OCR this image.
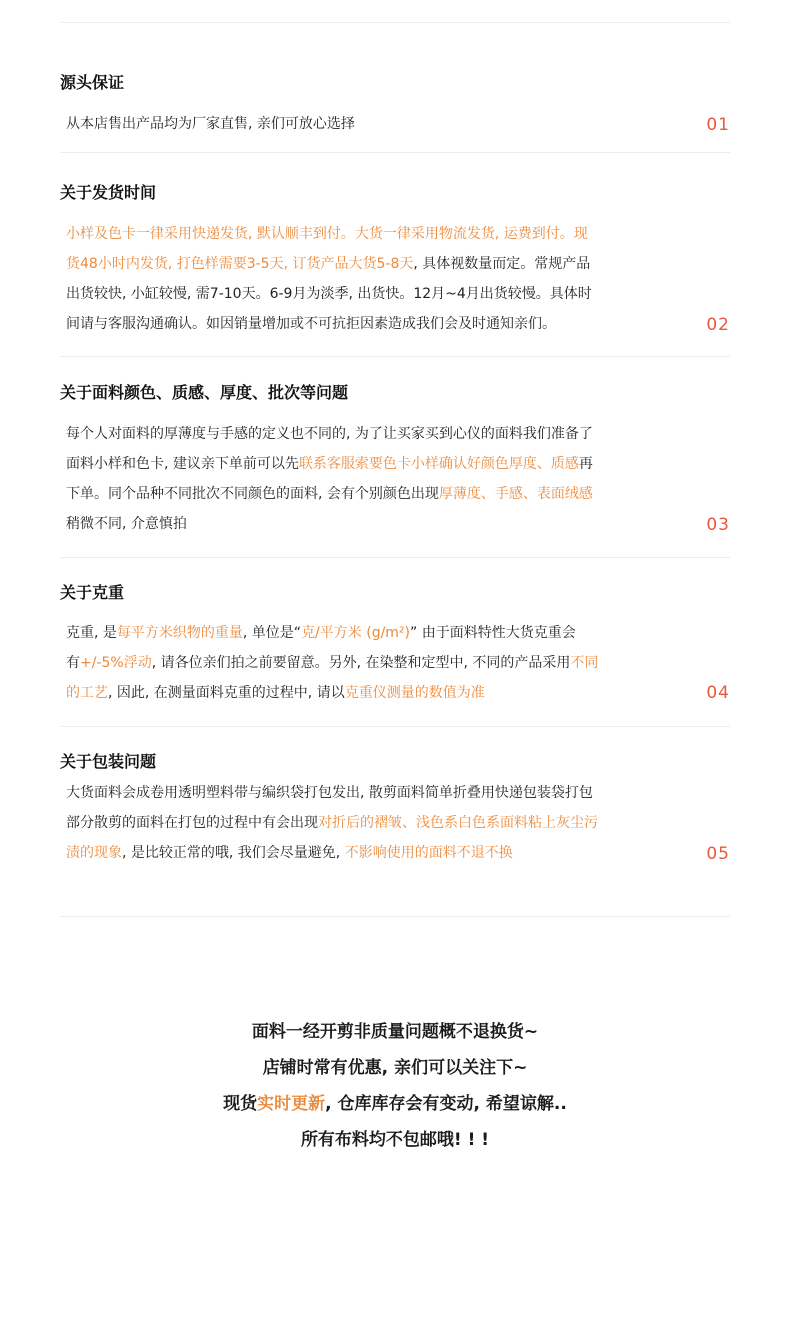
源头保证
从本店售出产品均为厂家直售, 亲们可放心选择	01
关于发货时间
小样及色卡一律采用快递发货, 默认顺丰到付。大货一律采用物流发货, 运费到付。现
货48小时内发货, 打色样需要3-5天, 订货产品大货5-8天, 具体视数量而定。常规产品
出货较快, 小缸较慢, 需7-10天。6-9月为淡季, 出货快。12月~4月出货较慢。具体时
间请与客服沟通确认。如因销量增加或不可抗拒因素造成我们会及时通知亲们。	02
关于面料颜色、质感、厚度、批次等问题
每个人对面料的厚薄度与手感的定义也不同的, 为了让买家买到心仪的面料我们准备了
面料小样和色卡, 建议亲下单前可以先联系客服索要色卡小样确认好颜色厚度、质感再
下单。同个品种不同批次不同颜色的面料, 会有个别颜色出现厚薄度、手感、表面绒感
稍微不同, 介意慎拍	03
关于克重
克重, 是每平方米织物的重量, 单位是“克/平方米 (g/m²)” 由于面料特性大货克重会
有+/-5%浮动, 请各位亲们拍之前要留意。另外, 在染整和定型中, 不同的产品采用不同
的工艺, 因此, 在测量面料克重的过程中, 请以克重仪测量的数值为准	04
关于包装问题
大货面料会成卷用透明塑料带与编织袋打包发出, 散剪面料简单折叠用快递包装袋打包
部分散剪的面料在打包的过程中有会出现对折后的褶皱、浅色系白色系面料粘上灰尘污
渍的现象, 是比较正常的哦, 我们会尽量避免, 不影响使用的面料不退不换	05
面料一经开剪非质量问题概不退换货~
店铺时常有优惠, 亲们可以关注下~
现货实时更新, 仓库库存会有变动, 希望谅解..
所有布料均不包邮哦! ! !
